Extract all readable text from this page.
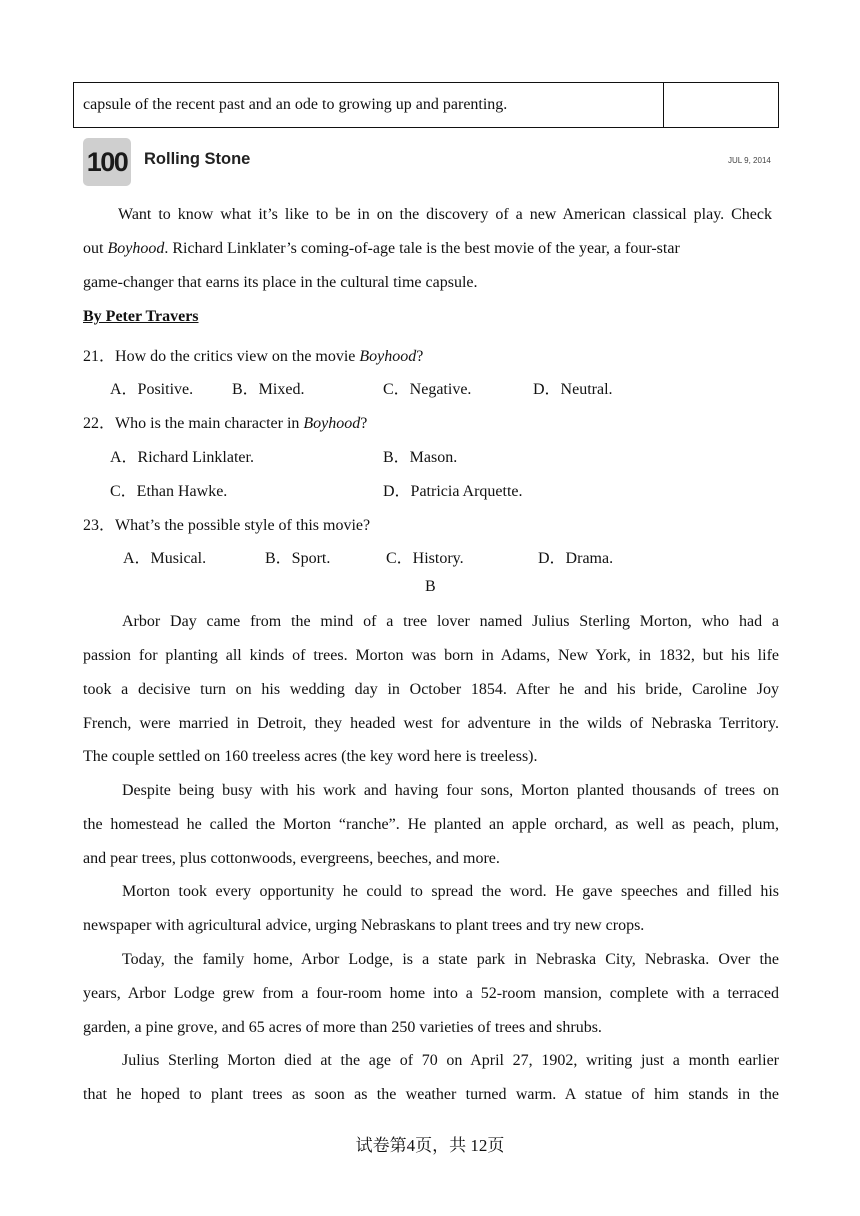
capsule of the recent past and an ode to growing up and parenting.
100 Rolling Stone	JUL 9, 2014
Want to know what it’s like to be in on the discovery of a new American classical play. Check
out Boyhood. Richard Linklater’s coming-of-age tale is the best movie of the year, a four-star
game-changer that earns its place in the cultural time capsule.
By Peter Travers
21．How do the critics view on the movie Boyhood?
A．Positive. B．Mixed.	C．Negative.	D．Neutral.
22．Who is the main character in Boyhood?
A．Richard Linklater.	B．Mason.
C．Ethan Hawke.	D．Patricia Arquette.
23．What’s the possible style of this movie?
A．Musical.	B．Sport.	C．History.	D．Drama.
B
Arbor Day came from the mind of a tree lover named Julius Sterling Morton, who had a
passion for planting all kinds of trees. Morton was born in Adams, New York, in 1832, but his life
took a decisive turn on his wedding day in October 1854. After he and his bride, Caroline Joy
French, were married in Detroit, they headed west for adventure in the wilds of Nebraska Territory.
The couple settled on 160 treeless acres (the key word here is treeless).
Despite being busy with his work and having four sons, Morton planted thousands of trees on
the homestead he called the Morton “ranche”. He planted an apple orchard, as well as peach, plum,
and pear trees, plus cottonwoods, evergreens, beeches, and more.
Morton took every opportunity he could to spread the word. He gave speeches and filled his
newspaper with agricultural advice, urging Nebraskans to plant trees and try new crops.
Today, the family home, Arbor Lodge, is a state park in Nebraska City, Nebraska. Over the
years, Arbor Lodge grew from a four-room home into a 52-room mansion, complete with a terraced
garden, a pine grove, and 65 acres of more than 250 varieties of trees and shrubs.
Julius Sterling Morton died at the age of 70 on April 27, 1902, writing just a month earlier
that he hoped to plant trees as soon as the weather turned warm. A statue of him stands in the
试卷第4页，共 12页
